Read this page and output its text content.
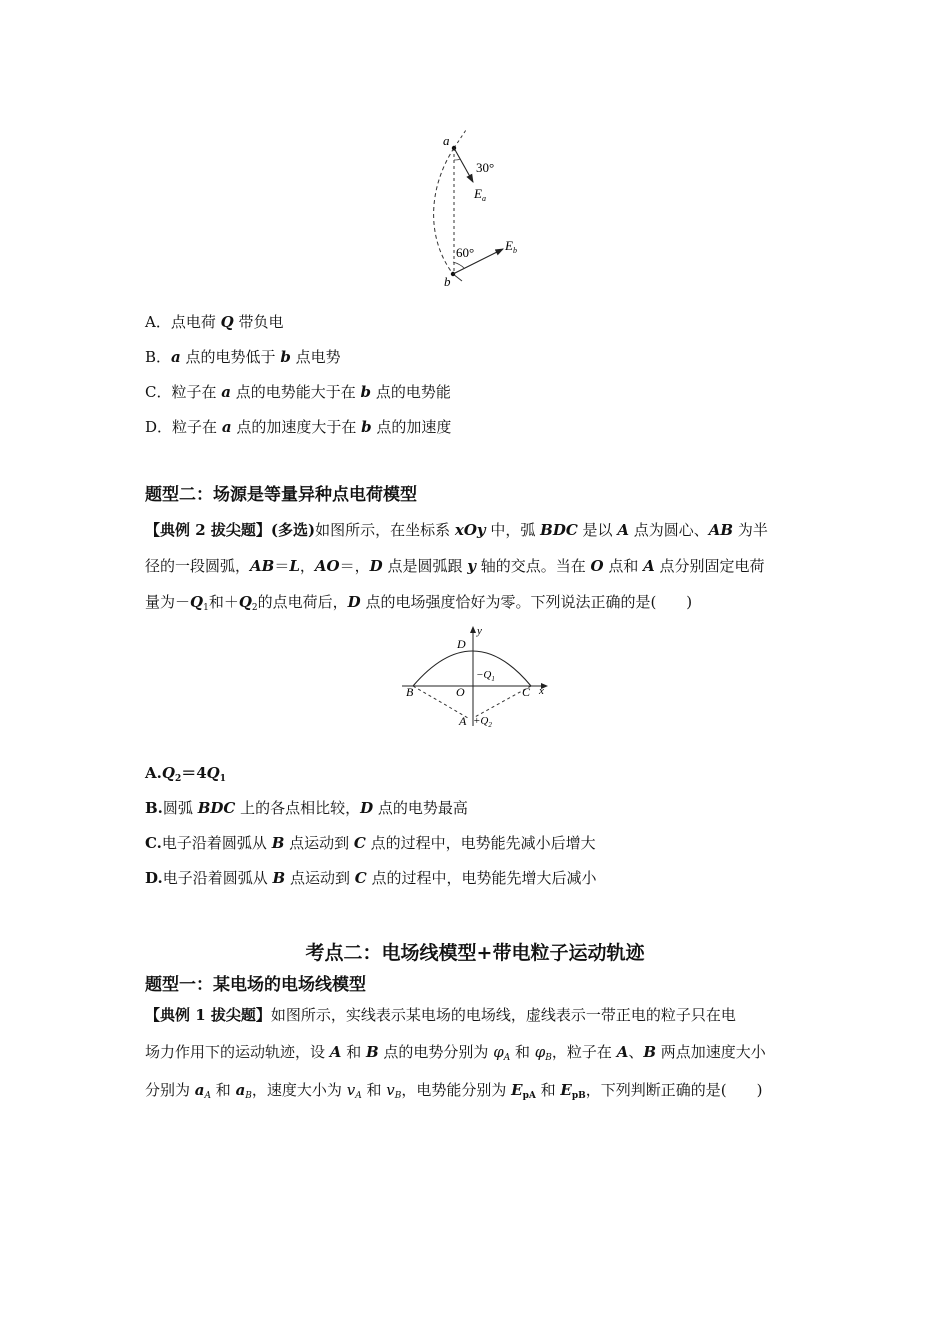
a
b
30°
60°
$E_a$
$E_b$
A．点电荷 Q 带负电
B．a 点的电势低于 b 点电势
C．粒子在 a 点的电势能大于在 b 点的电势能
D．粒子在 a 点的加速度大于在 b 点的加速度
题型二：场源是等量异种点电荷模型
【典例 2 拔尖题】(多选)如图所示，在坐标系 xOy 中，弧 BDC 是以 A 点为圆心、AB 为半
径的一段圆弧，AB＝L，AO＝，D 点是圆弧跟 y 轴的交点。当在 O 点和 A 点分别固定电荷
量为$-Q_1$和$+Q_2$的点电荷后，D 点的电场强度恰好为零。下列说法正确的是(　　)
D
y
B	O	C x
A
$-Q_1$
$+Q_2$
$A.Q_2=4Q_1$
B.圆弧 BDC 上的各点相比较，D 点的电势最高
C.电子沿着圆弧从 B 点运动到 C 点的过程中，电势能先减小后增大
D.电子沿着圆弧从 B 点运动到 C 点的过程中，电势能先增大后减小
考点二：电场线模型+带电粒子运动轨迹
题型一：某电场的电场线模型
【典例 1 拔尖题】如图所示，实线表示某电场的电场线，虚线表示一带正电的粒子只在电
场力作用下的运动轨迹，设 A 和 B 点的电势分别为 $\varphi_A$ 和 $\varphi_B$，粒子在 A、B 两点加速度大小
分别为 $a_A$ 和 $a_B$，速度大小为 $v_A$ 和 $v_B$，电势能分别为 $E_{pA}$ 和 $E_{pB}$，下列判断正确的是(　　)
